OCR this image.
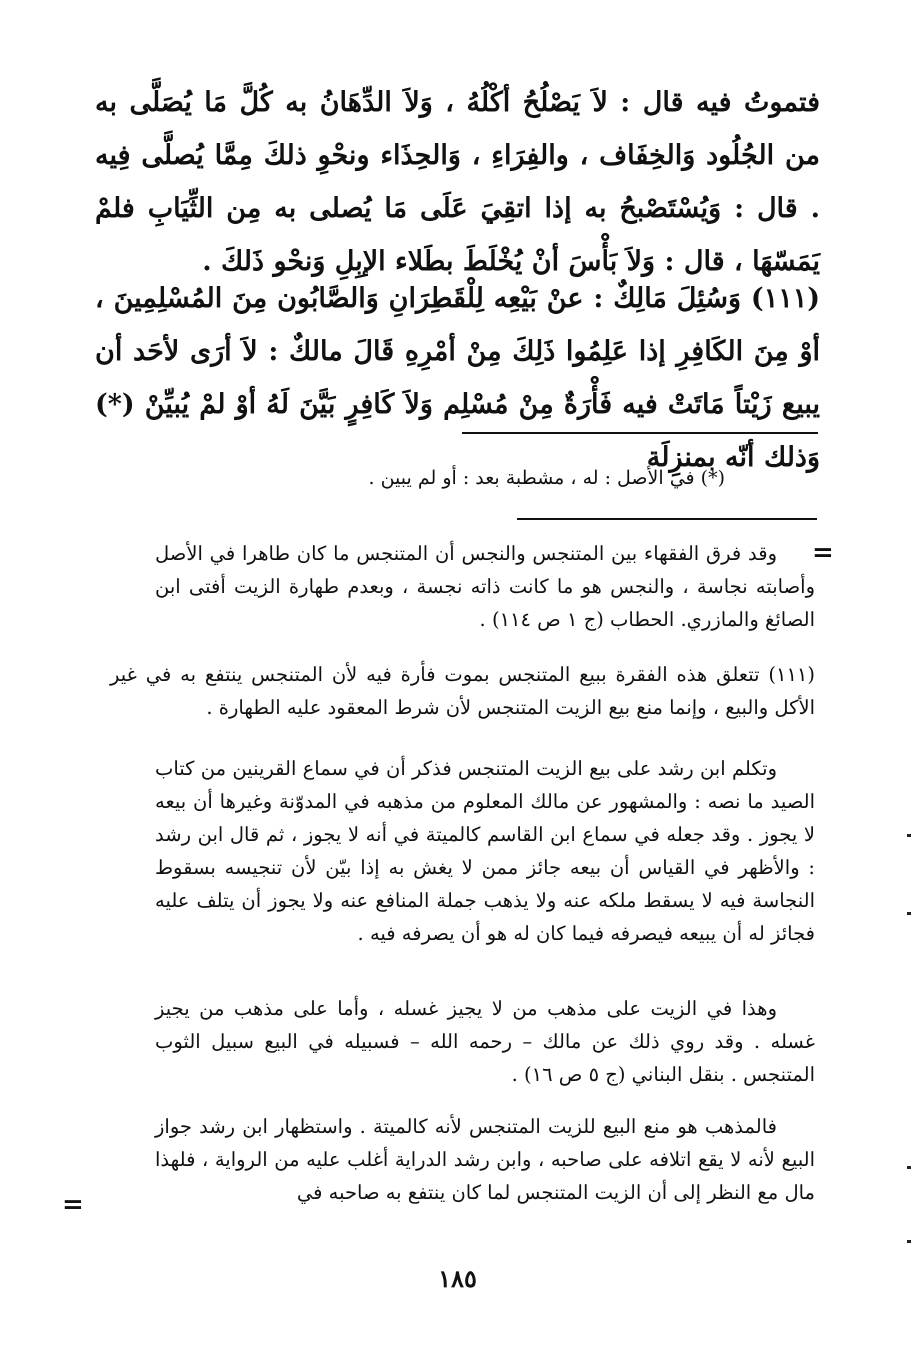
فتموتُ فيه قال : لاَ يَصْلُحُ أكْلُهُ ، وَلاَ الدِّهَانُ به كُلَّ مَا يُصَلَّى به من الجُلُود وَالخِفَاف ، والفِرَاءِ ، وَالحِذَاء ونحْوِ ذلكَ مِمَّا يُصلَّى فِيه . قال : وَيُسْتَصْبحُ به إذا اتقِيَ عَلَى مَا يُصلى به مِن الثِّيَابِ فلمْ يَمَسّهَا ، قال : وَلاَ بَأْسَ أنْ يُخْلَطَ بطَلاء الإبِلِ وَنحْو ذَلكَ .

(١١١) وَسُئِلَ مَالِكٌ : عنْ بَيْعِه لِلْقَطِرَانِ وَالصَّابُون مِنَ المُسْلِمِينَ ، أوْ مِنَ الكَافِرِ إذا عَلِمُوا ذَلِكَ مِنْ أمْرِهِ قَالَ مالكٌ : لاَ أرَى لأحَد أن يبيع زَيْتاً مَاتَتْ فيه فَأْرَةٌ مِنْ مُسْلِم وَلاَ كَافِرٍ بَيَّنَ لَهُ أوْ لمْ يُبيِّنْ (*) وَذلك أنّه بمنزِلَة

(*) في الأصل : له ، مشطبة بعد : أو لم يبين .
=

وقد فرق الفقهاء بين المتنجس والنجس أن المتنجس ما كان طاهرا في الأصل وأصابته نجاسة ، والنجس هو ما كانت ذاته نجسة ، وبعدم طهارة الزيت أفتى ابن الصائغ والمازري. الحطاب (ج ١ ص ١١٤) .

(١١١) تتعلق هذه الفقرة ببيع المتنجس بموت فأرة فيه لأن المتنجس ينتفع به في غير الأكل والبيع ، وإنما منع بيع الزيت المتنجس لأن شرط المعقود عليه الطهارة .

وتكلم ابن رشد على بيع الزيت المتنجس فذكر أن في سماع القرينين من كتاب الصيد ما نصه : والمشهور عن مالك المعلوم من مذهبه في المدوّنة وغيرها أن بيعه لا يجوز . وقد جعله في سماع ابن القاسم كالميتة في أنه لا يجوز ، ثم قال ابن رشد : والأظهر في القياس أن بيعه جائز ممن لا يغش به إذا بيّن لأن تنجيسه بسقوط النجاسة فيه لا يسقط ملكه عنه ولا يذهب جملة المنافع عنه ولا يجوز أن يتلف عليه فجائز له أن يبيعه فيصرفه فيما كان له هو أن يصرفه فيه .

وهذا في الزيت على مذهب من لا يجيز غسله ، وأما على مذهب من يجيز غسله . وقد روي ذلك عن مالك – رحمه الله – فسبيله في البيع سبيل الثوب المتنجس . بنقل البناني (ج ٥ ص ١٦) .

فالمذهب هو منع البيع للزيت المتنجس لأنه كالميتة . واستظهار ابن رشد جواز البيع لأنه لا يقع اتلافه على صاحبه ، وابن رشد الدراية أغلب عليه من الرواية ، فلهذا مال مع النظر إلى أن الزيت المتنجس لما كان ينتفع به صاحبه في

=
١٨٥
